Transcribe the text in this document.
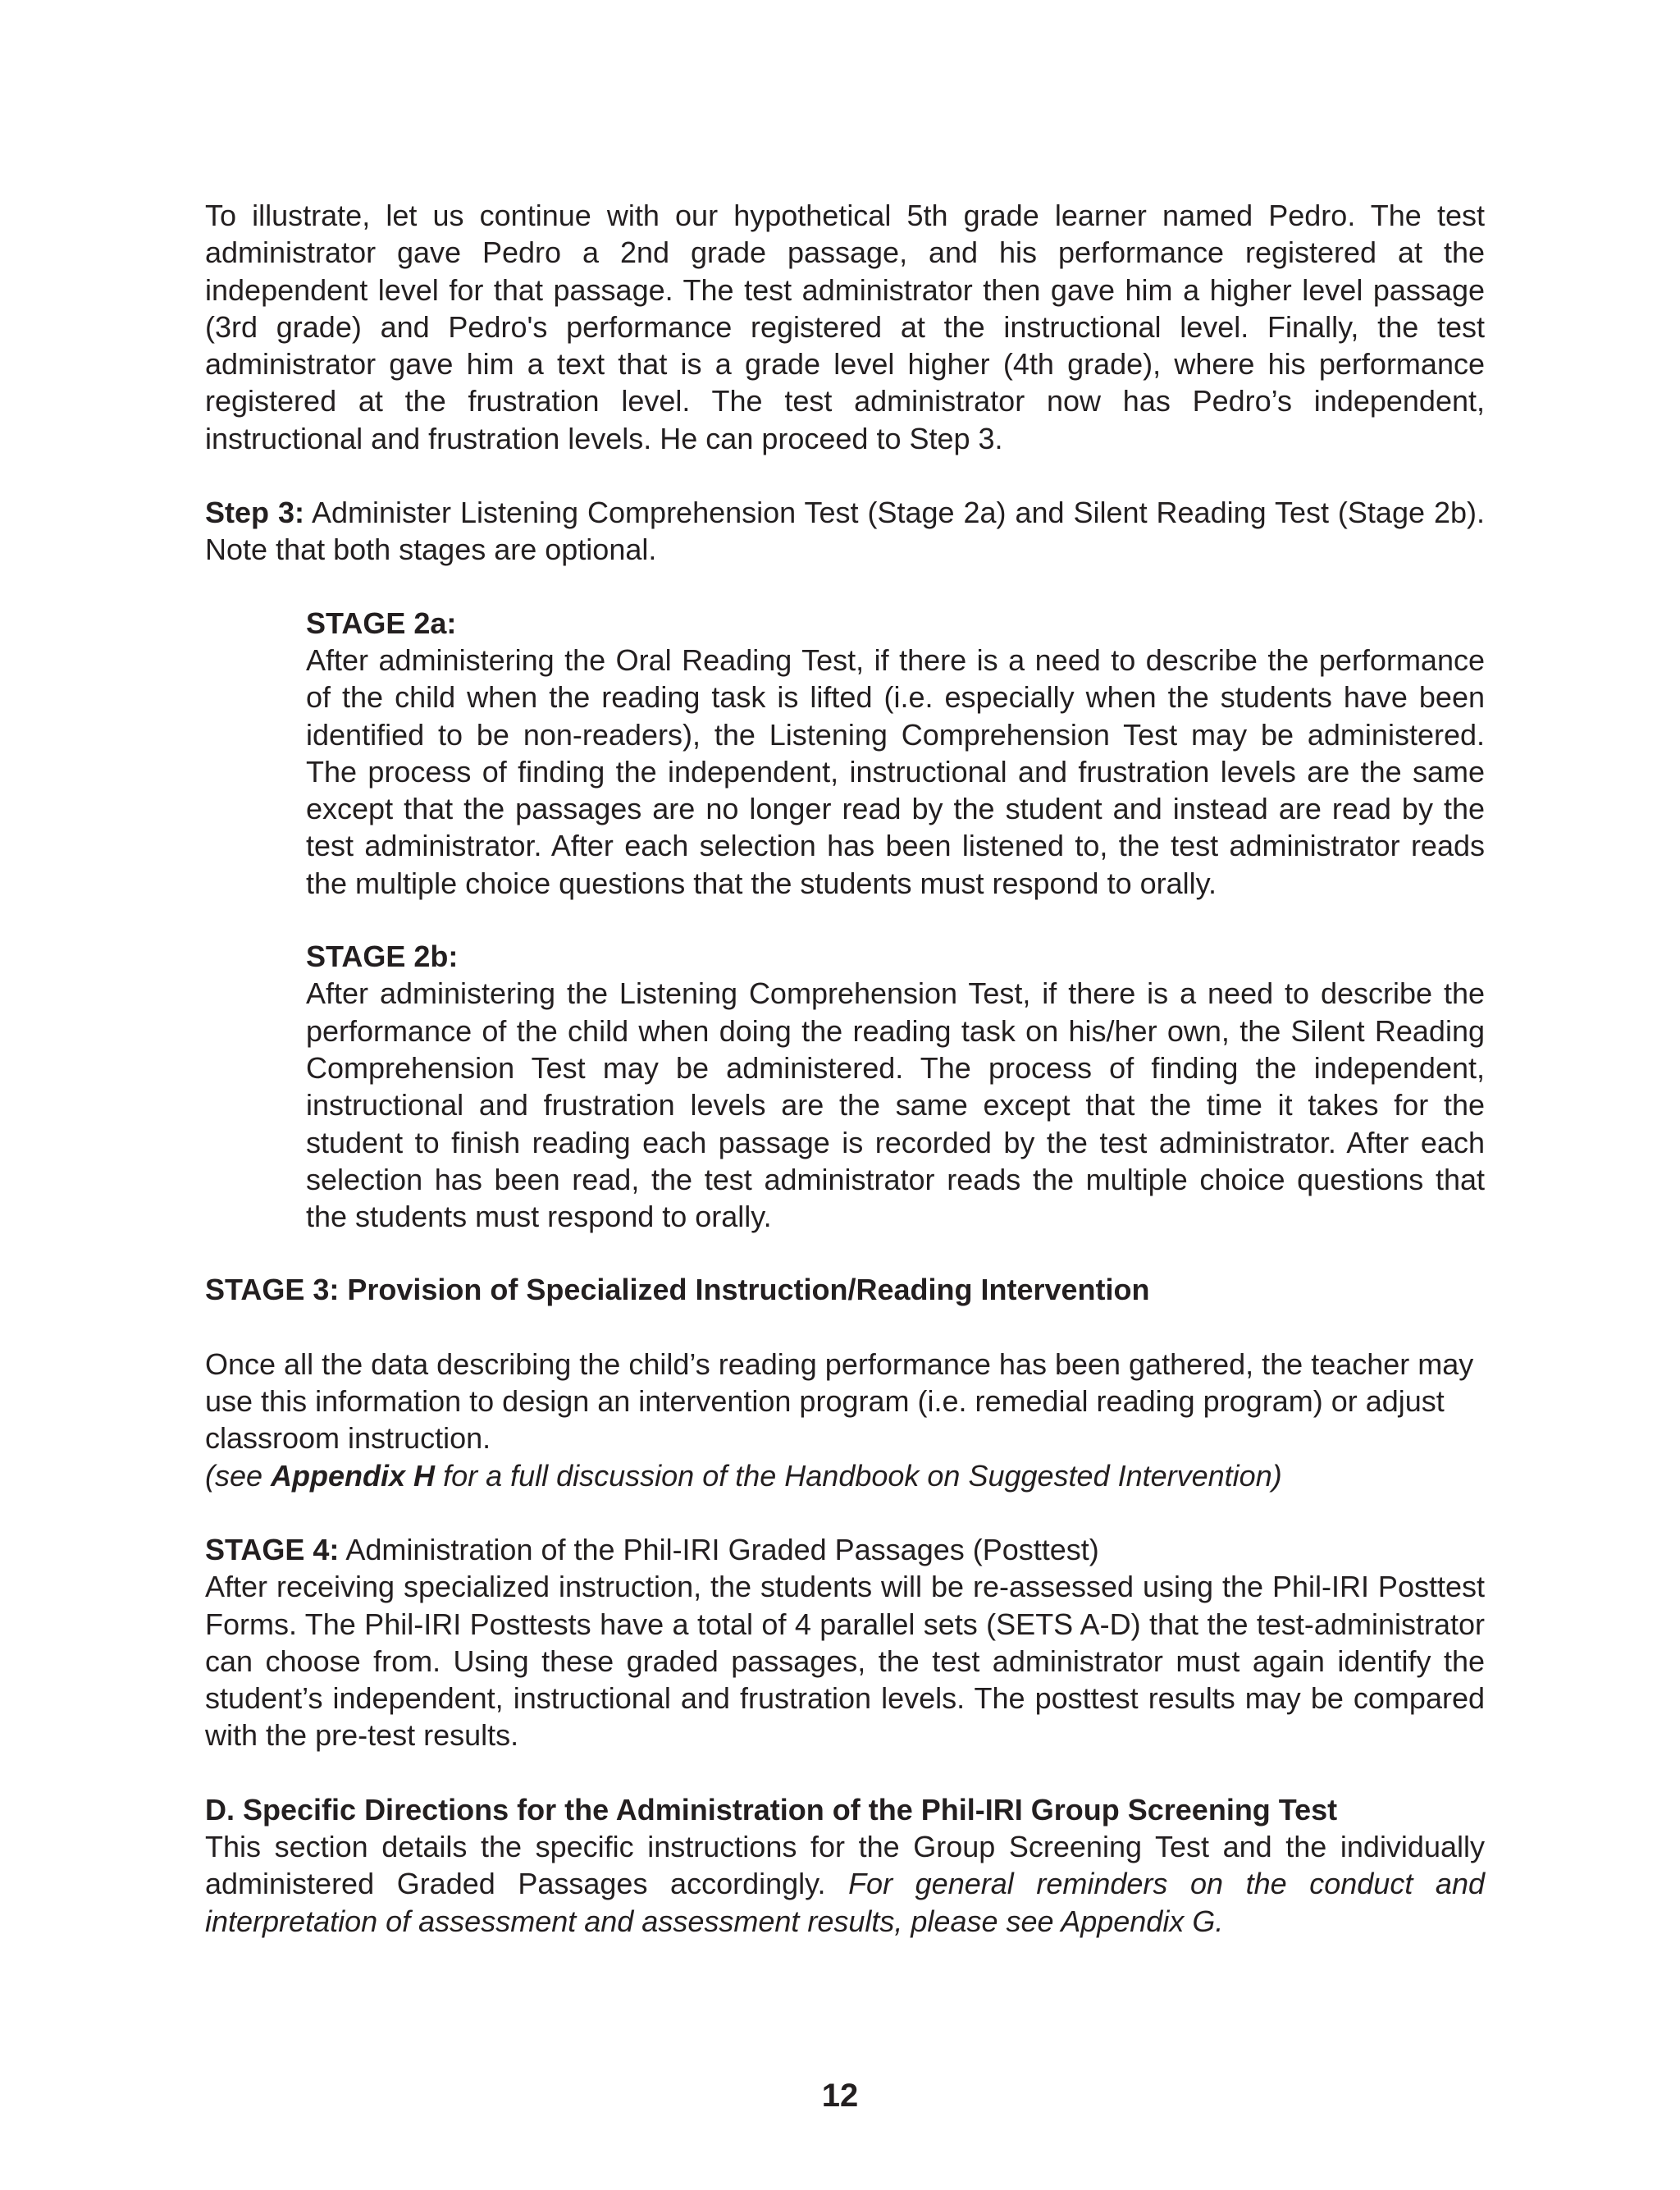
To illustrate, let us continue with our hypothetical 5th grade learner named Pedro. The test administrator gave Pedro a 2nd grade passage, and his performance registered at the independent level for that passage. The test administrator then gave him a higher level passage (3rd grade) and Pedro's performance registered at the instructional level. Finally, the test administrator gave him a text that is a grade level higher (4th grade), where his performance registered at the frustration level. The test administrator now has Pedro’s independent, instructional and frustration levels. He can proceed to Step 3.

Step 3: Administer Listening Comprehension Test (Stage 2a) and Silent Reading Test (Stage 2b). Note that both stages are optional.

STAGE 2a:

After administering the Oral Reading Test, if there is a need to describe the performance of the child when the reading task is lifted (i.e. especially when the students have been identified to be non-readers), the Listening Comprehension Test may be administered. The process of finding the independent, instructional and frustration levels are the same except that the passages are no longer read by the student and instead are read by the test administrator. After each selection has been listened to, the test administrator reads the multiple choice questions that the students must respond to orally.

STAGE 2b:

After administering the Listening Comprehension Test, if there is a need to describe the performance of the child when doing the reading task on his/her own, the Silent Reading Comprehension Test may be administered. The process of finding the independent, instructional and frustration levels are the same except that the time it takes for the student to finish reading each passage is recorded by the test administrator. After each selection has been read, the test administrator reads the multiple choice questions that the students must respond to orally.

STAGE 3: Provision of Specialized Instruction/Reading Intervention

Once all the data describing the child’s reading performance has been gathered, the teacher may use this information to design an intervention program (i.e. remedial reading program) or adjust classroom instruction.

(see Appendix H for a full discussion of the Handbook on Suggested Intervention)

STAGE 4: Administration of the Phil-IRI Graded Passages (Posttest)

After receiving specialized instruction, the students will be re-assessed using the Phil-IRI Posttest Forms. The Phil-IRI Posttests have a total of 4 parallel sets (SETS A-D) that the test-administrator can choose from. Using these graded passages, the test administrator must again identify the student’s independent, instructional and frustration levels. The posttest results may be compared with the pre-test results.

D. Specific Directions for the Administration of the Phil-IRI Group Screening Test

This section details the specific instructions for the Group Screening Test and the individually administered Graded Passages accordingly. For general reminders on the conduct and interpretation of assessment and assessment results, please see Appendix G.

12
